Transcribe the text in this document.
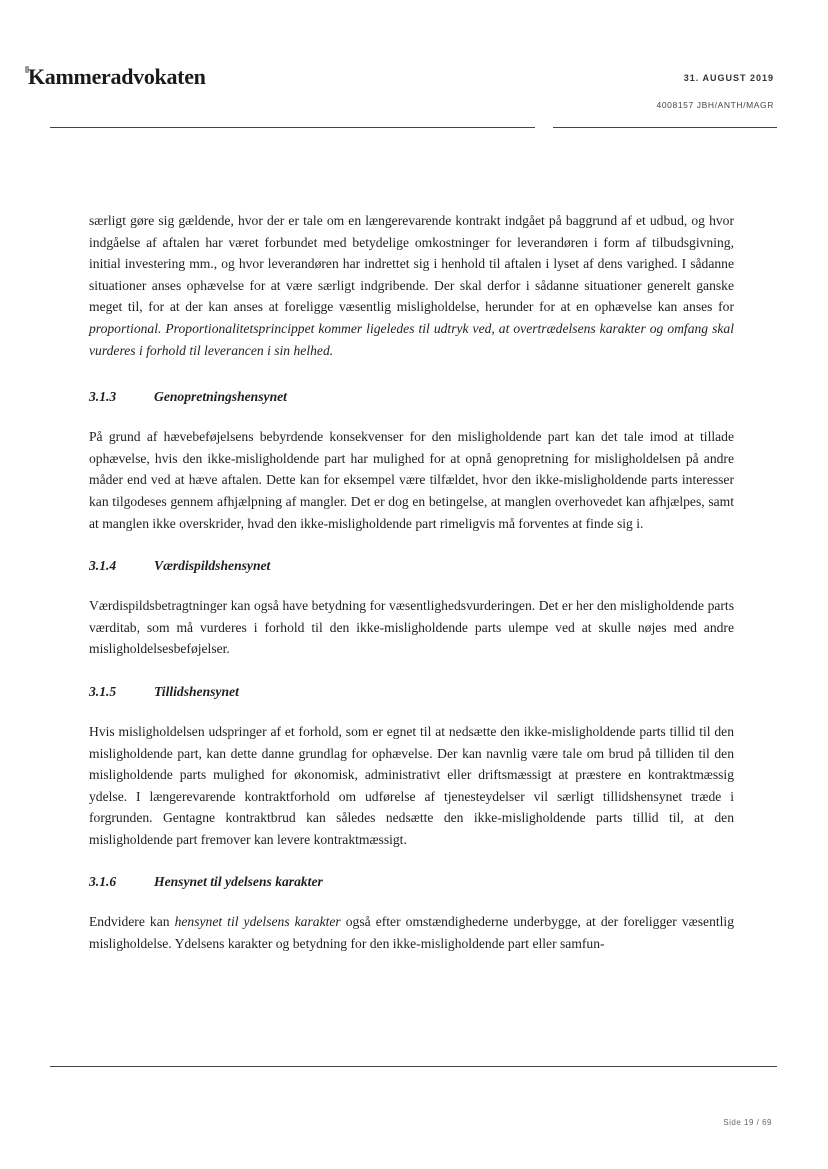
Kammeradvokaten	31. AUGUST 2019
4008157 JBH/ANTH/MAGR

særligt gøre sig gældende, hvor der er tale om en længerevarende kontrakt indgået på baggrund af et udbud, og hvor indgåelse af aftalen har været forbundet med betydelige omkostninger for leverandøren i form af tilbudsgivning, initial investering mm., og hvor leverandøren har indrettet sig i henhold til aftalen i lyset af dens varighed. I sådanne situationer anses ophævelse for at være særligt indgribende. Der skal derfor i sådanne situationer generelt ganske meget til, for at der kan anses at foreligge væsentlig misligholdelse, herunder for at en ophævelse kan anses for proportional. Proportionalitetsprincippet kommer ligeledes til udtryk ved, at overtrædelsens karakter og omfang skal vurderes i forhold til leverancen i sin helhed.

3.1.3	Genopretningshensynet

På grund af hævebeføjelsens bebyrdende konsekvenser for den misligholdende part kan det tale imod at tillade ophævelse, hvis den ikke-misligholdende part har mulighed for at opnå genopretning for misligholdelsen på andre måder end ved at hæve aftalen. Dette kan for eksempel være tilfældet, hvor den ikke-misligholdende parts interesser kan tilgodeses gennem afhjælpning af mangler. Det er dog en betingelse, at manglen overhovedet kan afhjælpes, samt at manglen ikke overskrider, hvad den ikke-misligholdende part rimeligvis må forventes at finde sig i.

3.1.4	Værdispildshensynet

Værdispildsbetragtninger kan også have betydning for væsentlighedsvurderingen. Det er her den misligholdende parts værditab, som må vurderes i forhold til den ikke-misligholdende parts ulempe ved at skulle nøjes med andre misligholdelsesbeføjelser.

3.1.5	Tillidshensynet

Hvis misligholdelsen udspringer af et forhold, som er egnet til at nedsætte den ikke-misligholdende parts tillid til den misligholdende part, kan dette danne grundlag for ophævelse. Der kan navnlig være tale om brud på tilliden til den misligholdende parts mulighed for økonomisk, administrativt eller driftsmæssigt at præstere en kontraktmæssig ydelse. I længerevarende kontraktforhold om udførelse af tjenesteydelser vil særligt tillidshensynet træde i forgrunden. Gentagne kontraktbrud kan således nedsætte den ikke-misligholdende parts tillid til, at den misligholdende part fremover kan levere kontraktmæssigt.

3.1.6	Hensynet til ydelsens karakter

Endvidere kan hensynet til ydelsens karakter også efter omstændighederne underbygge, at der foreligger væsentlig misligholdelse. Ydelsens karakter og betydning for den ikke-misligholdende part eller samfun-

Side 19 / 69
